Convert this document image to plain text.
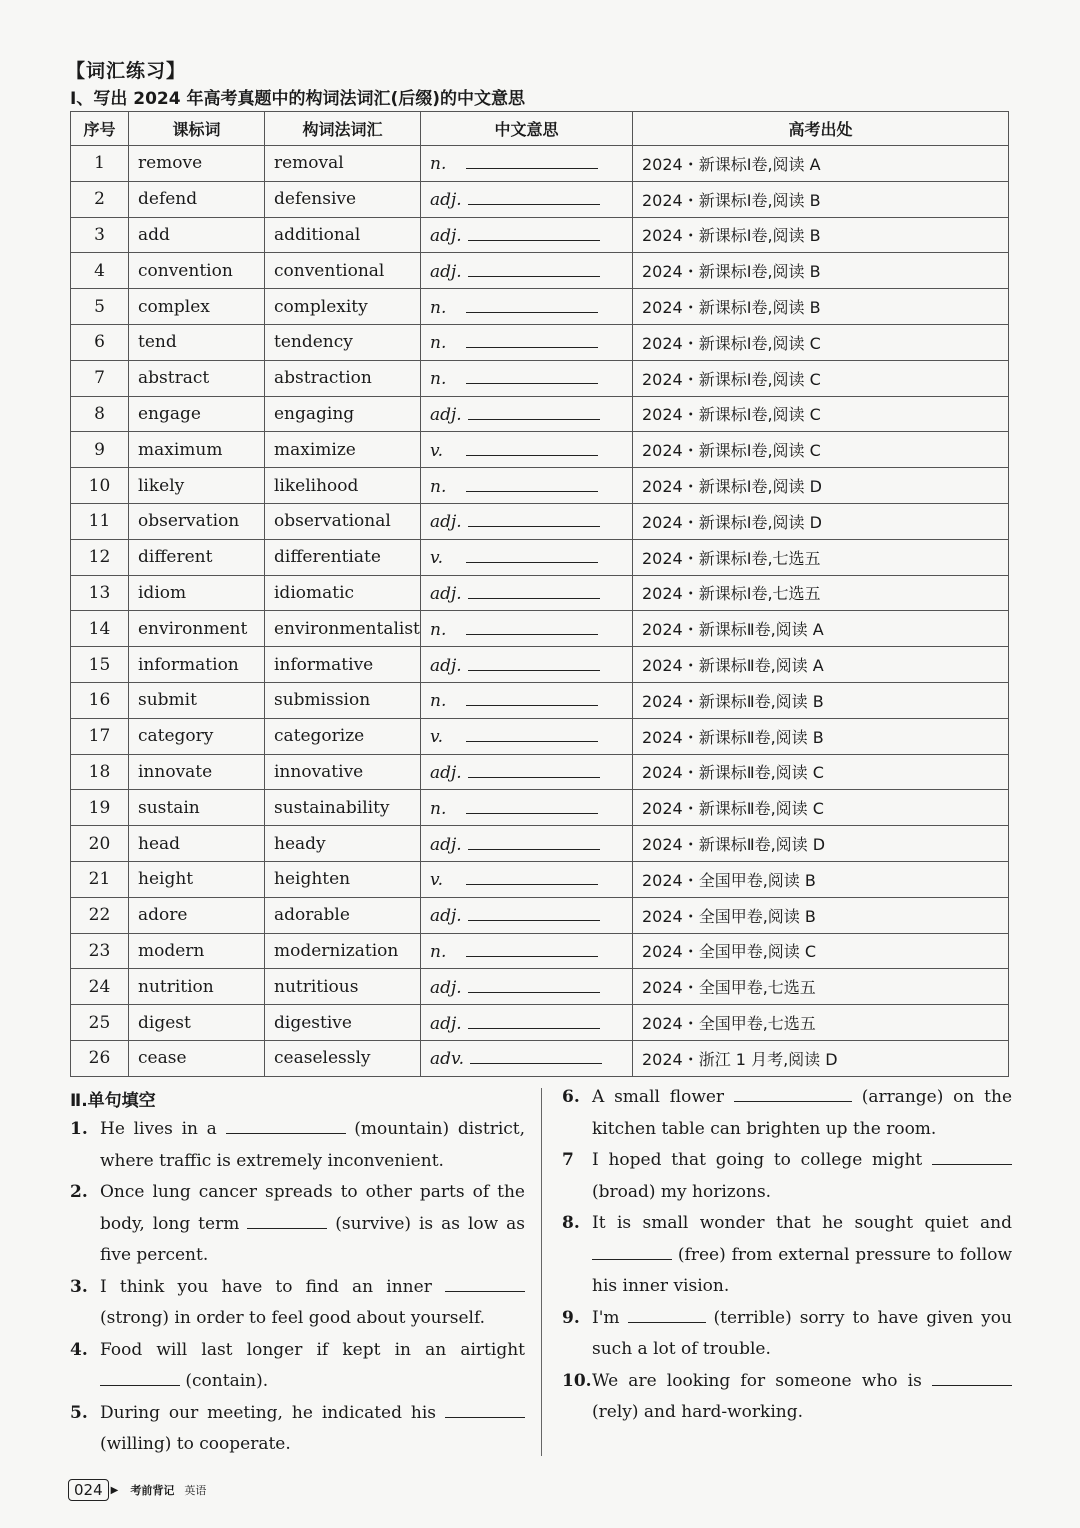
【词汇练习】
Ⅰ、写出 2024 年高考真题中的构词法词汇(后缀)的中文意思
序号	课标词	构词法词汇	中文意思	高考出处
1	remove	removal	n.	2024・新课标Ⅰ卷,阅读 A
2	defend	defensive	adj.	2024・新课标Ⅰ卷,阅读 B
3	add	additional	adj.	2024・新课标Ⅰ卷,阅读 B
4	convention	conventional	adj.	2024・新课标Ⅰ卷,阅读 B
5	complex	complexity	n.	2024・新课标Ⅰ卷,阅读 B
6	tend	tendency	n.	2024・新课标Ⅰ卷,阅读 C
7	abstract	abstraction	n.	2024・新课标Ⅰ卷,阅读 C
8	engage	engaging	adj.	2024・新课标Ⅰ卷,阅读 C
9	maximum	maximize	v.	2024・新课标Ⅰ卷,阅读 C
10	likely	likelihood	n.	2024・新课标Ⅰ卷,阅读 D
11	observation	observational	adj.	2024・新课标Ⅰ卷,阅读 D
12	different	differentiate	v.	2024・新课标Ⅰ卷,七选五
13	idiom	idiomatic	adj.	2024・新课标Ⅰ卷,七选五
14	environment	environmentalist	n.	2024・新课标Ⅱ卷,阅读 A
15	information	informative	adj.	2024・新课标Ⅱ卷,阅读 A
16	submit	submission	n.	2024・新课标Ⅱ卷,阅读 B
17	category	categorize	v.	2024・新课标Ⅱ卷,阅读 B
18	innovate	innovative	adj.	2024・新课标Ⅱ卷,阅读 C
19	sustain	sustainability	n.	2024・新课标Ⅱ卷,阅读 C
20	head	heady	adj.	2024・新课标Ⅱ卷,阅读 D
21	height	heighten	v.	2024・全国甲卷,阅读 B
22	adore	adorable	adj.	2024・全国甲卷,阅读 B
23	modern	modernization	n.	2024・全国甲卷,阅读 C
24	nutrition	nutritious	adj.	2024・全国甲卷,七选五
25	digest	digestive	adj.	2024・全国甲卷,七选五
26	cease	ceaselessly	adv.	2024・浙江 1 月考,阅读 D
Ⅱ.单句填空
1. He lives in a	(mountain) district, where traffic is extremely inconvenient.
2. Once lung cancer spreads to other parts of the body, long term	(survive) is as low as five percent.
3. I think you have to find an inner  (strong) in order to feel good about yourself.
4. Food will last longer if kept in an airtight  (contain).
5. During our meeting, he indicated his  (willing) to cooperate.
6. A small flower	(arrange) on the kitchen table can brighten up the room.
7	I hoped that going to college might  (broad) my horizons.
8. It is small wonder that he sought quiet and  (free) from external pressure to follow his inner vision.
9. I'm	(terrible) sorry to have given you such a lot of trouble.
10. We are looking for someone who is  (rely) and hard-working.
024 ▶ 考前背记 英语
